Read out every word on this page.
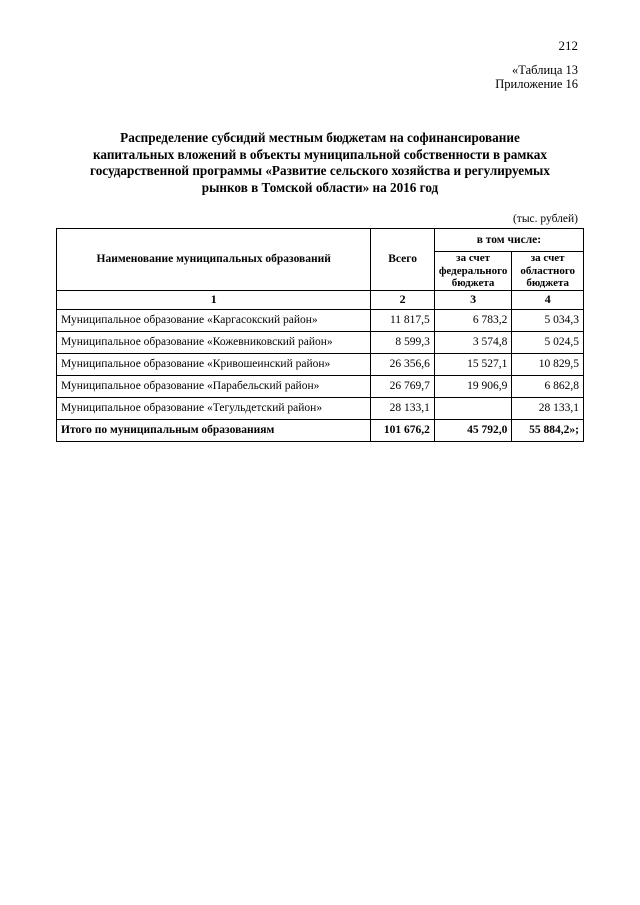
212
«Таблица 13
Приложение 16
Распределение субсидий местным бюджетам на софинансирование
капитальных вложений в объекты муниципальной собственности в рамках
государственной программы «Развитие сельского хозяйства и регулируемых
рынков в Томской области» на 2016 год
(тыс. рублей)
Наименование муниципальных образований	Всего	в том числе:	
		за счет федерального бюджета	за счет областного бюджета
1	2	3	4
Муниципальное образование «Каргасокский район»	11 817,5	6 783,2	5 034,3
Муниципальное образование «Кожевниковский район»	8 599,3	3 574,8	5 024,5
Муниципальное образование «Кривошеинский район»	26 356,6	15 527,1	10 829,5
Муниципальное образование «Парабельский район»	26 769,7	19 906,9	6 862,8
Муниципальное образование «Тегульдетский район»	28 133,1		28 133,1
Итого по муниципальным образованиям	101 676,2	45 792,0	55 884,2»;
